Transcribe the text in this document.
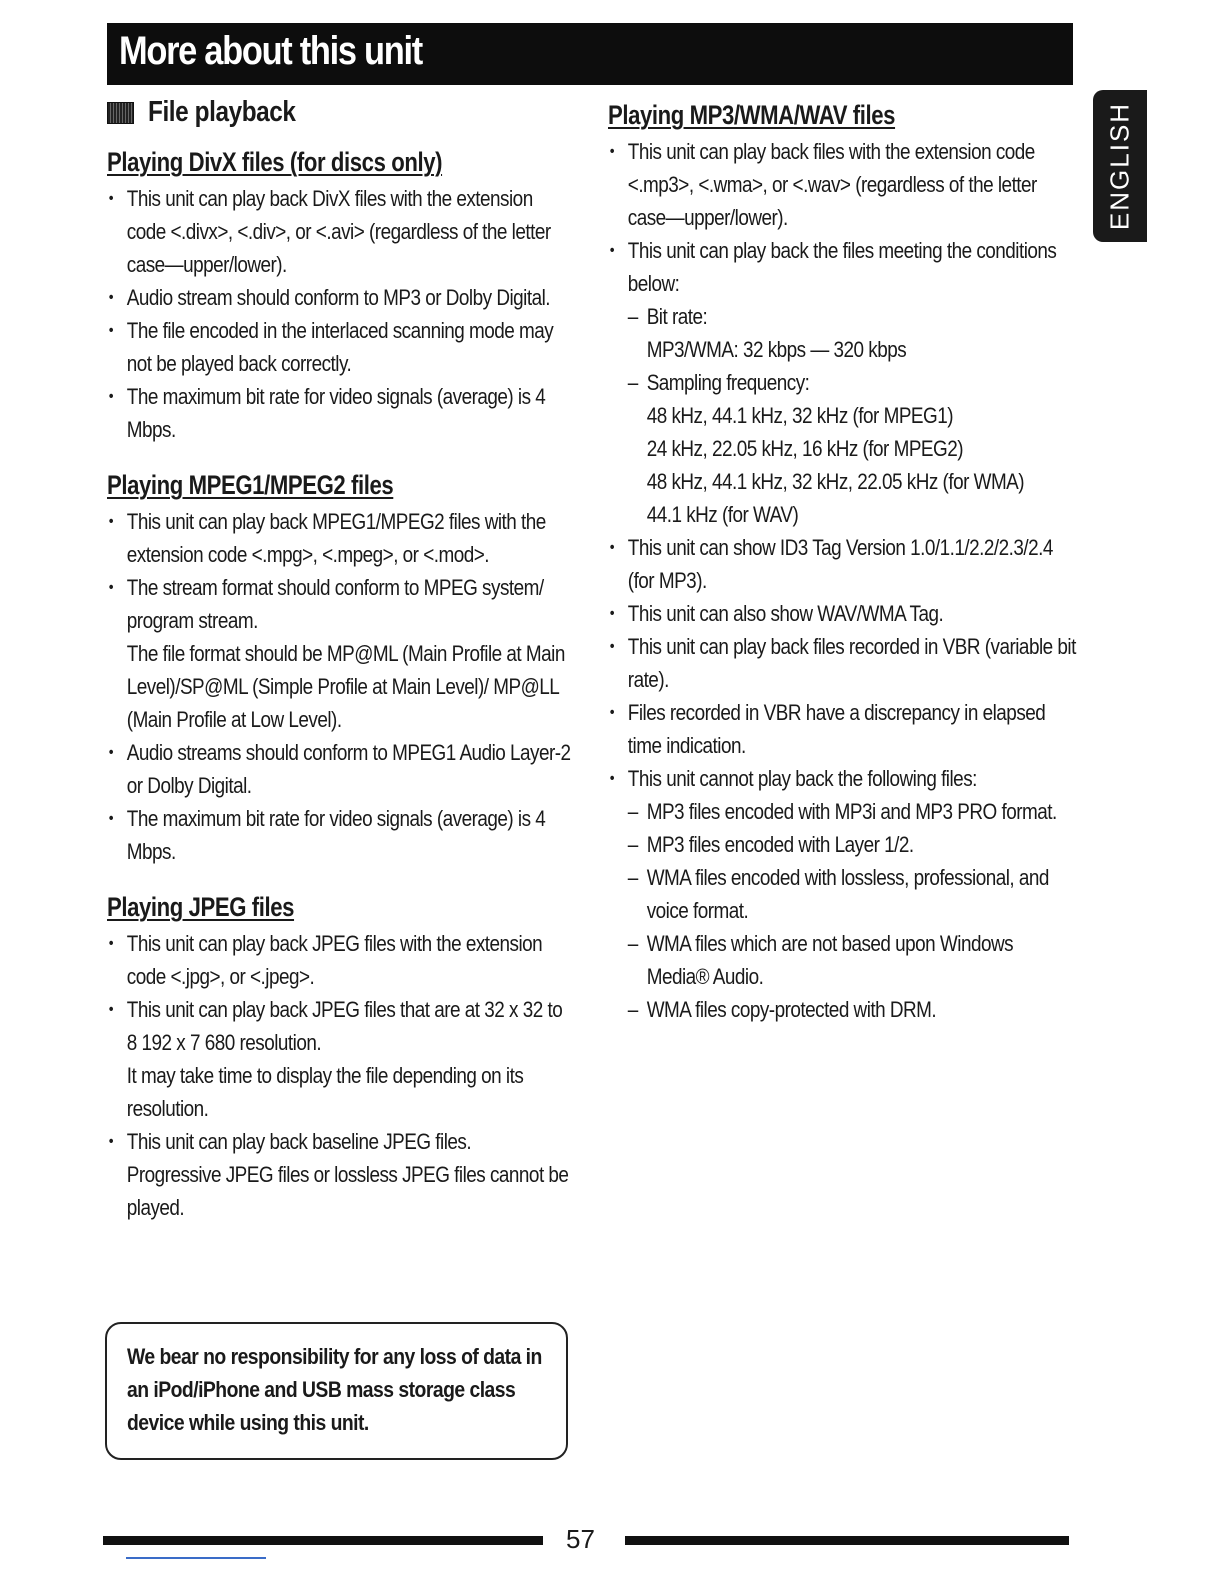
More about this unit
ENGLISH
File playback
Playing DivX files (for discs only)
• This unit can play back DivX files with the extension code <.divx>, <.div>, or <.avi> (regardless of the letter case—upper/lower).
• Audio stream should conform to MP3 or Dolby Digital.
• The file encoded in the interlaced scanning mode may not be played back correctly.
• The maximum bit rate for video signals (average) is 4 Mbps.
Playing MPEG1/MPEG2 files
• This unit can play back MPEG1/MPEG2 files with the extension code <.mpg>, <.mpeg>, or <.mod>.
• The stream format should conform to MPEG system/ program stream.
The file format should be MP@ML (Main Profile at Main Level)/SP@ML (Simple Profile at Main Level)/ MP@LL (Main Profile at Low Level).
• Audio streams should conform to MPEG1 Audio Layer-2 or Dolby Digital.
• The maximum bit rate for video signals (average) is 4 Mbps.
Playing JPEG files
• This unit can play back JPEG files with the extension code <.jpg>, or <.jpeg>.
• This unit can play back JPEG files that are at 32 x 32 to 8 192 x 7 680 resolution.
It may take time to display the file depending on its resolution.
• This unit can play back baseline JPEG files.
Progressive JPEG files or lossless JPEG files cannot be played.
Playing MP3/WMA/WAV files
• This unit can play back files with the extension code <.mp3>, <.wma>, or <.wav> (regardless of the letter case—upper/lower).
• This unit can play back the files meeting the conditions below:
– Bit rate:
MP3/WMA: 32 kbps — 320 kbps
– Sampling frequency:
48 kHz, 44.1 kHz, 32 kHz (for MPEG1)
24 kHz, 22.05 kHz, 16 kHz (for MPEG2)
48 kHz, 44.1 kHz, 32 kHz, 22.05 kHz (for WMA)
44.1 kHz (for WAV)
• This unit can show ID3 Tag Version 1.0/1.1/2.2/2.3/2.4 (for MP3).
• This unit can also show WAV/WMA Tag.
• This unit can play back files recorded in VBR (variable bit rate).
• Files recorded in VBR have a discrepancy in elapsed time indication.
• This unit cannot play back the following files:
– MP3 files encoded with MP3i and MP3 PRO format.
– MP3 files encoded with Layer 1/2.
– WMA files encoded with lossless, professional, and voice format.
– WMA files which are not based upon Windows Media® Audio.
– WMA files copy-protected with DRM.

We bear no responsibility for any loss of data in an iPod/iPhone and USB mass storage class device while using this unit.

57
